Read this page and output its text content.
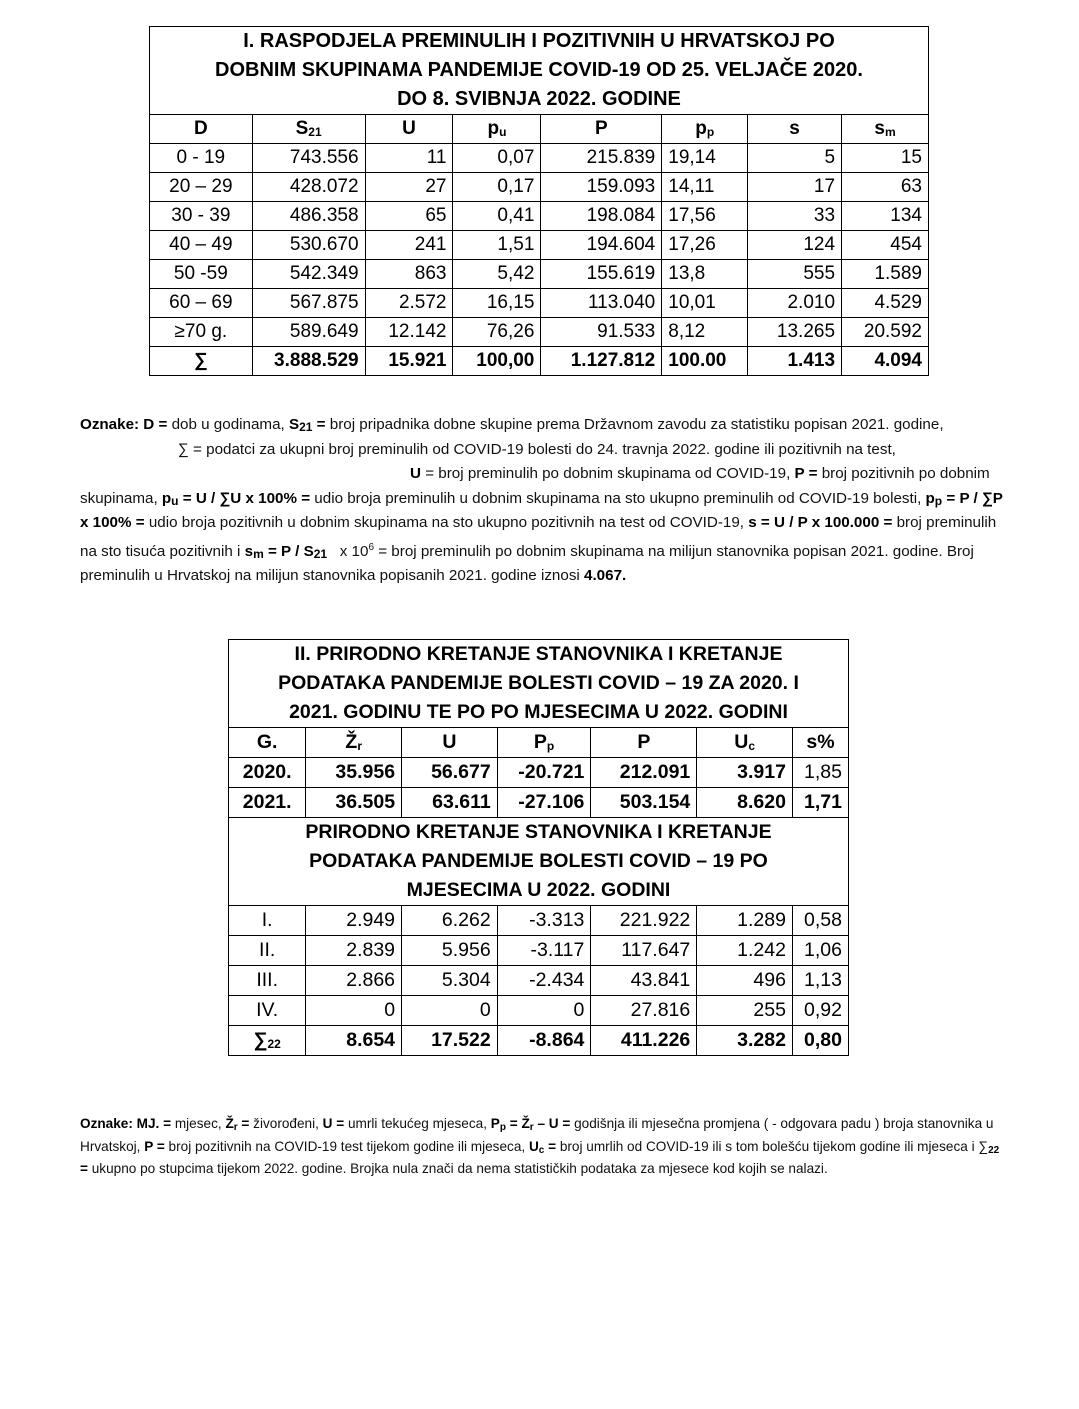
I. RASPODJELA PREMINULIH I POZITIVNIH U HRVATSKOJ PO
DOBNIM SKUPINAMA PANDEMIJE COVID-19 OD 25. VELJAČE 2020.
DO 8. SVIBNJA 2022. GODINE							

D	$S_{21}$	U	$p_u$	P	$p_p$	s	$s_m$
0 - 19	743.556	11	0,07	215.839	19,14	5	15
20 – 29	428.072	27	0,17	159.093	14,11	17	63
30 - 39	486.358	65	0,41	198.084	17,56	33	134
40 – 49	530.670	241	1,51	194.604	17,26	124	454
50 -59	542.349	863	5,42	155.619	13,8	555	1.589
60 – 69	567.875	2.572	16,15	113.040	10,01	2.010	4.529
≥70 g.	589.649	12.142	76,26	91.533	8,12	13.265	20.592
∑	3.888.529	15.921	100,00	1.127.812	100.00	1.413	4.094
Oznake: D = dob u godinama, $S_{21}$ = broj pripadnika dobne skupine prema Državnom zavodu za statistiku popisan 2021. godine,∑ = podatci za ukupni broj preminulih od COVID-19 bolesti do 24. travnja 2022. godine ili pozitivnih na test,U = broj preminulih po dobnim skupinama od COVID-19, P = broj pozitivnih po dobnim skupinama, $p_u = U / \sum U$ x 100% = udio broja preminulih u dobnim skupinama na sto ukupno preminulih od COVID-19 bolesti, $p_p = P / \sum P$ x 100% = udio broja pozitivnih u dobnim skupinama na sto ukupno pozitivnih na test od COVID-19, s = U / P x 100.000 = broj preminulih na sto tisuća pozitivnih i $s_m = P / S_{21}$   x $10^6$ = broj preminulih po dobnim skupinama na milijun stanovnika popisan 2021. godine. Broj preminulih u Hrvatskoj na milijun stanovnika popisanih 2021. godine iznosi 4.067.
II. PRIRODNO KRETANJE STANOVNIKA I KRETANJE
PODATAKA PANDEMIJE BOLESTI COVID – 19 ZA 2020. I
2021. GODINU TE PO PO MJESECIMA U 2022. GODINI						

G.	$Ž_r$	U	$P_p$	P	$U_c$	s%
2020.	35.956	56.677	-20.721	212.091	3.917	1,85
2021.	36.505	63.611	-27.106	503.154	8.620	1,71

PRIRODNO KRETANJE STANOVNIKA I KRETANJE
PODATAKA PANDEMIJE BOLESTI COVID – 19 PO
MJESECIMA U 2022. GODINI						

I.	2.949	6.262	-3.313	221.922	1.289	0,58
II.	2.839	5.956	-3.117	117.647	1.242	1,06
III.	2.866	5.304	-2.434	43.841	496	1,13
IV.	0	0	0	27.816	255	0,92
$\sum_{22}$	8.654	17.522	-8.864	411.226	3.282	0,80
Oznake: MJ. = mjesec, $Ž_r$ = živorođeni, U = umrli tekućeg mjeseca, $P_p$ = $Ž_r$ – U = godišnja ili mjesečna promjena ( - odgovara padu ) broja stanovnika u Hrvatskoj, P = broj pozitivnih na COVID-19 test tijekom godine ili mjeseca, $U_c$ = broj umrlih od COVID-19 ili s tom bolešću tijekom godine ili mjeseca i $\sum_{22}$ = ukupno po stupcima tijekom 2022. godine. Brojka nula znači da nema statističkih podataka za mjesece kod kojih se nalazi.
